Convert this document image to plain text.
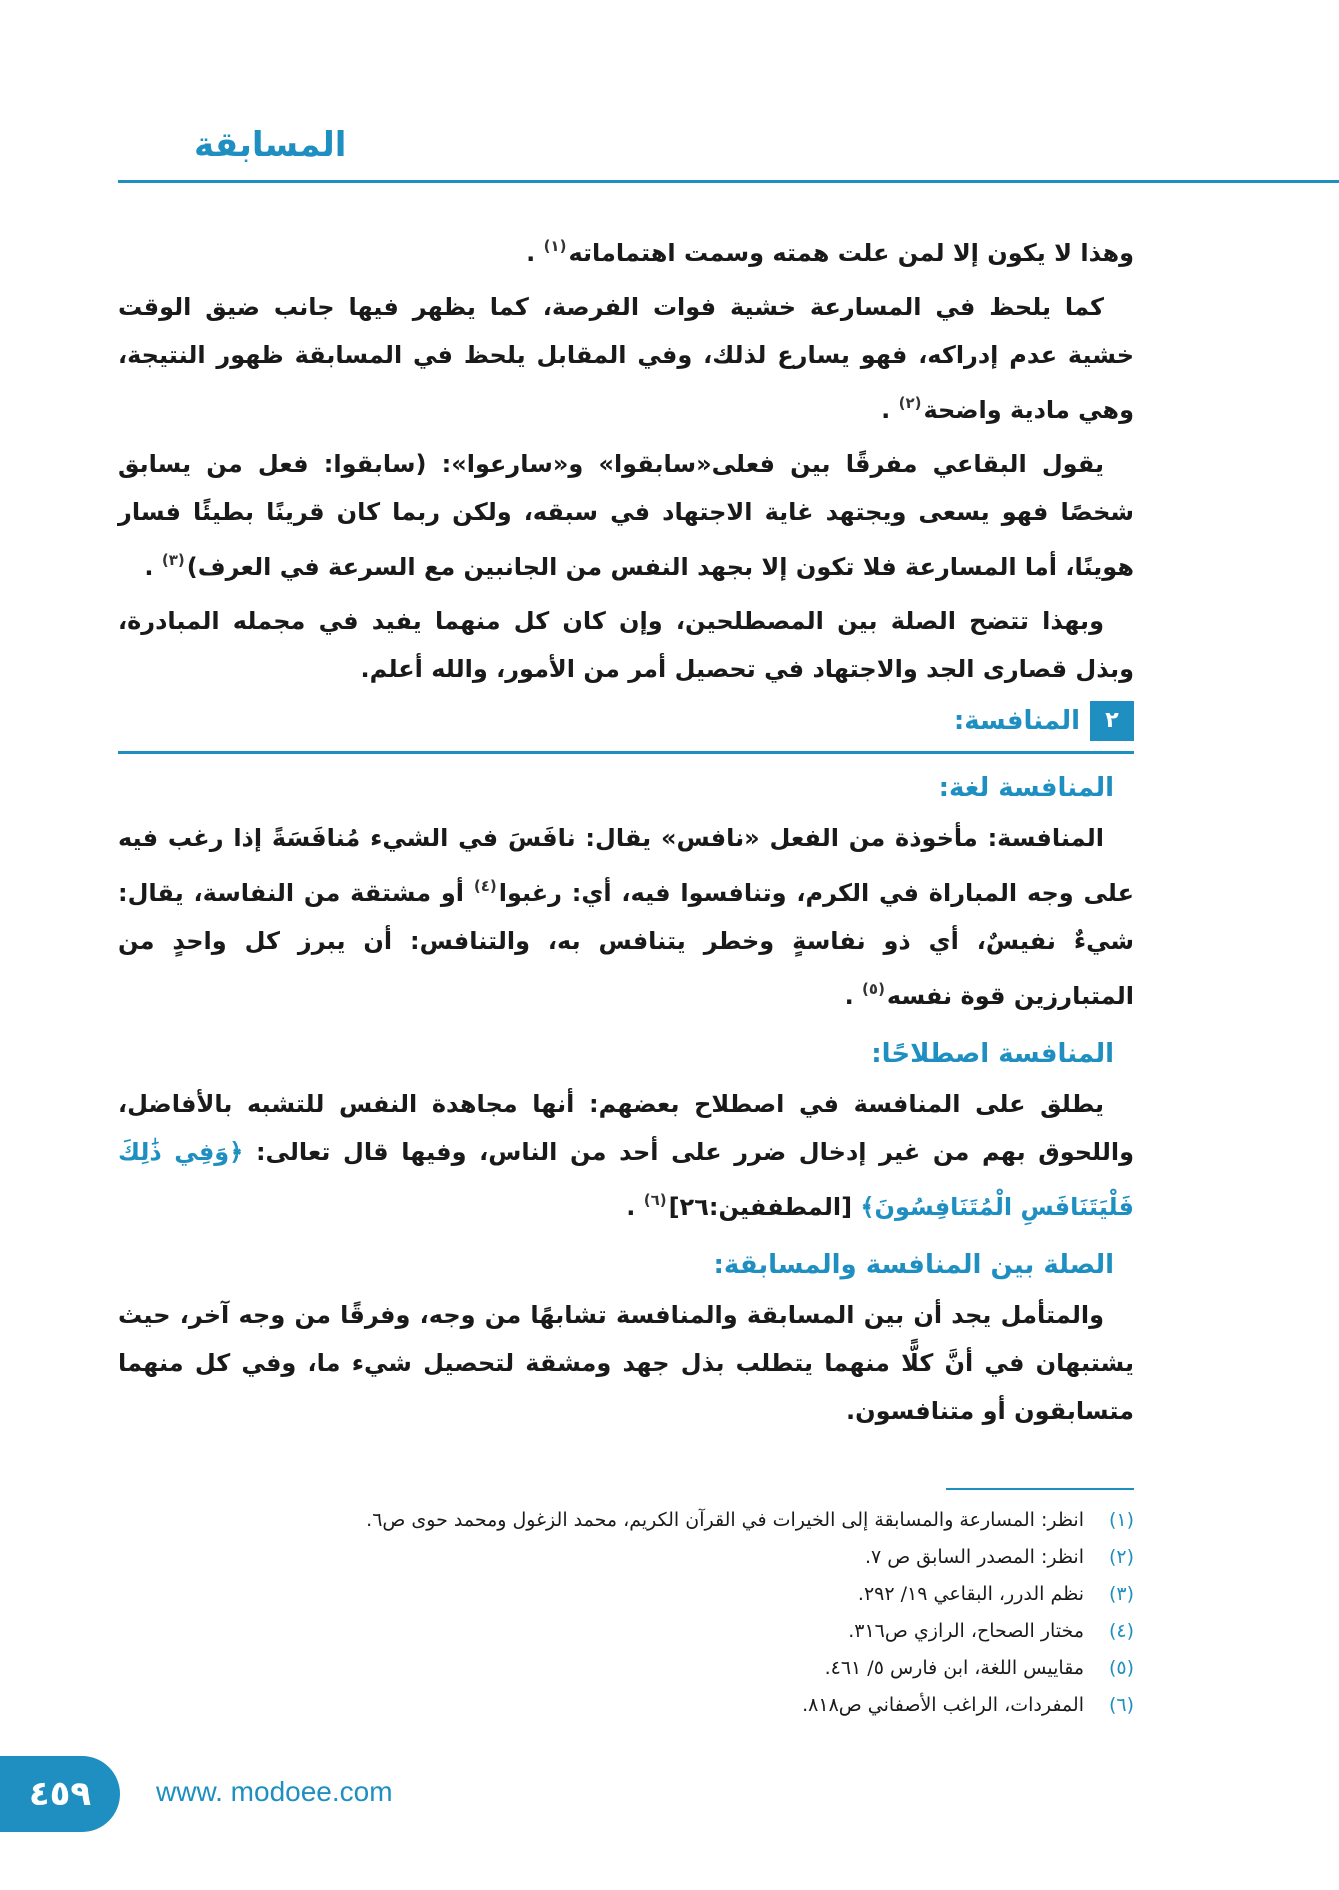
المسابقة

وهذا لا يكون إلا لمن علت همته وسمت اهتماماته$^{(١)}$ .

كما يلحظ في المسارعة خشية فوات الفرصة، كما يظهر فيها جانب ضيق الوقت خشية عدم إدراكه، فهو يسارع لذلك، وفي المقابل يلحظ في المسابقة ظهور النتيجة، وهي مادية واضحة$^{(٢)}$ .

يقول البقاعي مفرقًا بين فعلى«سابقوا» و«سارعوا»: (سابقوا: فعل من يسابق شخصًا فهو يسعى ويجتهد غاية الاجتهاد في سبقه، ولكن ربما كان قرينًا بطيئًا فسار هوينًا، أما المسارعة فلا تكون إلا بجهد النفس من الجانبين مع السرعة في العرف)$^{(٣)}$ .

وبهذا تتضح الصلة بين المصطلحين، وإن كان كل منهما يفيد في مجمله المبادرة، وبذل قصارى الجد والاجتهاد في تحصيل أمر من الأمور، والله أعلم.

٢
المنافسة:
المنافسة لغة:

المنافسة: مأخوذة من الفعل «نافس» يقال: نافَسَ في الشيء مُنافَسَةً إذا رغب فيه على وجه المباراة في الكرم، وتنافسوا فيه، أي: رغبوا$^{(٤)}$ أو مشتقة من النفاسة، يقال: شيءٌ نفيسٌ، أي ذو نفاسةٍ وخطر يتنافس به، والتنافس: أن يبرز كل واحدٍ من المتبارزين قوة نفسه$^{(٥)}$ .

المنافسة اصطلاحًا:

يطلق على المنافسة في اصطلاح بعضهم: أنها مجاهدة النفس للتشبه بالأفاضل، واللحوق بهم من غير إدخال ضرر على أحد من الناس، وفيها قال تعالى: ﴿وَفِي ذَٰلِكَ فَلْيَتَنَافَسِ الْمُتَنَافِسُونَ﴾ [المطففين:٢٦]$^{(٦)}$ .

الصلة بين المنافسة والمسابقة:

والمتأمل يجد أن بين المسابقة والمنافسة تشابهًا من وجه، وفرقًا من وجه آخر، حيث يشتبهان في أنَّ كلًّا منهما يتطلب بذل جهد ومشقة لتحصيل شيء ما، وفي كل منهما متسابقون أو متنافسون.

(١)
انظر: المسارعة والمسابقة إلى الخيرات في القرآن الكريم، محمد الزغول ومحمد حوى ص٦.
(٢)
انظر: المصدر السابق ص ٧.
(٣)
نظم الدرر، البقاعي ١٩/ ٢٩٢.
(٤)
مختار الصحاح، الرازي ص٣١٦.
(٥)
مقاييس اللغة، ابن فارس ٥/ ٤٦١.
(٦)
المفردات، الراغب الأصفاني ص٨١٨.
٤٥٩	www. modoee.com
